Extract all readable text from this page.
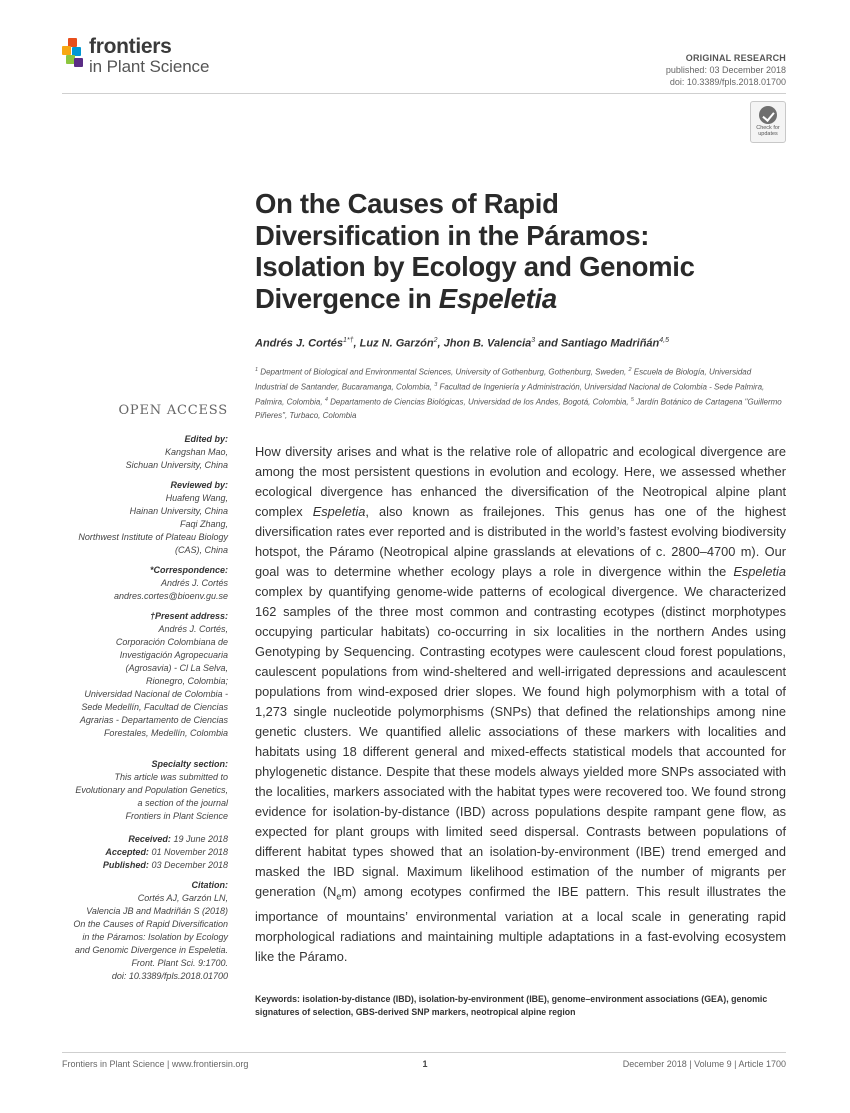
frontiers
in Plant Science	ORIGINAL RESEARCH
published: 03 December 2018
doi: 10.3389/fpls.2018.01700
Check for
updates
On the Causes of Rapid
Diversification in the Páramos:
Isolation by Ecology and Genomic
Divergence in Espeletia
Andrés J. Cortés$^{1*\dagger}$, Luz N. Garzón$^2$, Jhon B. Valencia$^3$ and Santiago Madriñán$^{4,5}$
$^1$ Department of Biological and Environmental Sciences, University of Gothenburg, Gothenburg, Sweden, $^2$ Escuela de Biología, Universidad Industrial de Santander, Bucaramanga, Colombia, $^3$ Facultad de Ingeniería y Administración, Universidad Nacional de Colombia - Sede Palmira, Palmira, Colombia, $^4$ Departamento de Ciencias Biológicas, Universidad de los Andes, Bogotá, Colombia, $^5$ Jardín Botánico de Cartagena "Guillermo Piñeres", Turbaco, Colombia
OPEN ACCESS
Edited by:
Kangshan Mao,
Sichuan University, China
Reviewed by:
Huafeng Wang,
Hainan University, China
Faqi Zhang,
Northwest Institute of Plateau Biology
(CAS), China
*Correspondence:
Andrés J. Cortés
andres.cortes@bioenv.gu.se
†Present address:
Andrés J. Cortés,
Corporación Colombiana de
Investigación Agropecuaria
(Agrosavia) - Cl La Selva,
Rionegro, Colombia;
Universidad Nacional de Colombia -
Sede Medellín, Facultad de Ciencias
Agrarias - Departamento de Ciencias
Forestales, Medellín, Colombia
Specialty section:
This article was submitted to
Evolutionary and Population Genetics,
a section of the journal
Frontiers in Plant Science
Received: 19 June 2018
Accepted: 01 November 2018
Published: 03 December 2018
Citation:
Cortés AJ, Garzón LN,
Valencia JB and Madriñán S (2018)
On the Causes of Rapid Diversification
in the Páramos: Isolation by Ecology
and Genomic Divergence in Espeletia.
Front. Plant Sci. 9:1700.
doi: 10.3389/fpls.2018.01700
How diversity arises and what is the relative role of allopatric and ecological divergence are among the most persistent questions in evolution and ecology. Here, we assessed whether ecological divergence has enhanced the diversification of the Neotropical alpine plant complex Espeletia, also known as frailejones. This genus has one of the highest diversification rates ever reported and is distributed in the world’s fastest evolving biodiversity hotspot, the Páramo (Neotropical alpine grasslands at elevations of c. 2800–4700 m). Our goal was to determine whether ecology plays a role in divergence within the Espeletia complex by quantifying genome-wide patterns of ecological divergence. We characterized 162 samples of the three most common and contrasting ecotypes (distinct morphotypes occupying particular habitats) co-occurring in six localities in the northern Andes using Genotyping by Sequencing. Contrasting ecotypes were caulescent cloud forest populations, caulescent populations from wind-sheltered and well-irrigated depressions and acaulescent populations from wind-exposed drier slopes. We found high polymorphism with a total of 1,273 single nucleotide polymorphisms (SNPs) that defined the relationships among nine genetic clusters. We quantified allelic associations of these markers with localities and habitats using 18 different general and mixed-effects statistical models that accounted for phylogenetic distance. Despite that these models always yielded more SNPs associated with the localities, markers associated with the habitat types were recovered too. We found strong evidence for isolation-by-distance (IBD) across populations despite rampant gene flow, as expected for plant groups with limited seed dispersal. Contrasts between populations of different habitat types showed that an isolation-by-environment (IBE) trend emerged and masked the IBD signal. Maximum likelihood estimation of the number of migrants per generation $(N_em)$ among ecotypes confirmed the IBE pattern. This result illustrates the importance of mountains’ environmental variation at a local scale in generating rapid morphological radiations and maintaining multiple adaptations in a fast-evolving ecosystem like the Páramo.
Keywords: isolation-by-distance (IBD), isolation-by-environment (IBE), genome–environment associations (GEA), genomic signatures of selection, GBS-derived SNP markers, neotropical alpine region
Frontiers in Plant Science | www.frontiersin.org	1	December 2018 | Volume 9 | Article 1700
